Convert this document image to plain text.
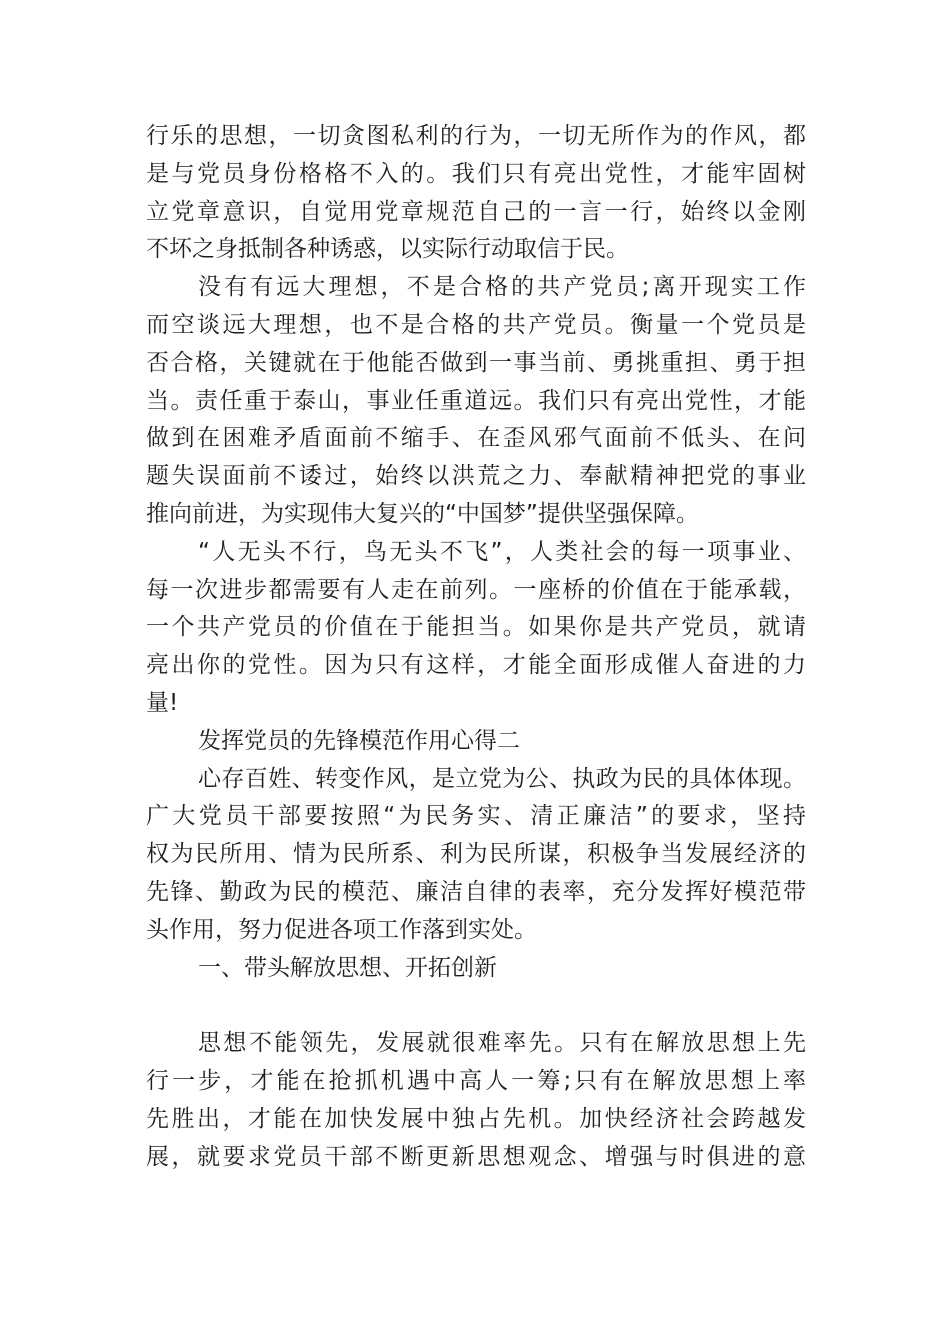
行乐的思想，一切贪图私利的行为，一切无所作为的作风，都
是与党员身份格格不入的。我们只有亮出党性，才能牢固树
立党章意识，自觉用党章规范自己的一言一行，始终以金刚
不坏之身抵制各种诱惑，以实际行动取信于民。
没有有远大理想，不是合格的共产党员;离开现实工作
而空谈远大理想，也不是合格的共产党员。衡量一个党员是
否合格，关键就在于他能否做到一事当前、勇挑重担、勇于担
当。责任重于泰山，事业任重道远。我们只有亮出党性，才能
做到在困难矛盾面前不缩手、在歪风邪气面前不低头、在问
题失误面前不诿过，始终以洪荒之力、奉献精神把党的事业
推向前进，为实现伟大复兴的“中国梦”提供坚强保障。
“人无头不行，鸟无头不飞”，人类社会的每一项事业、
每一次进步都需要有人走在前列。一座桥的价值在于能承载，
一个共产党员的价值在于能担当。如果你是共产党员，就请
亮出你的党性。因为只有这样，才能全面形成催人奋进的力
量!
发挥党员的先锋模范作用心得二
心存百姓、转变作风，是立党为公、执政为民的具体体现。
广大党员干部要按照“为民务实、清正廉洁”的要求，坚持
权为民所用、情为民所系、利为民所谋，积极争当发展经济的
先锋、勤政为民的模范、廉洁自律的表率，充分发挥好模范带
头作用，努力促进各项工作落到实处。
一、带头解放思想、开拓创新
思想不能领先，发展就很难率先。只有在解放思想上先
行一步，才能在抢抓机遇中高人一筹;只有在解放思想上率
先胜出，才能在加快发展中独占先机。加快经济社会跨越发
展，就要求党员干部不断更新思想观念、增强与时俱进的意
